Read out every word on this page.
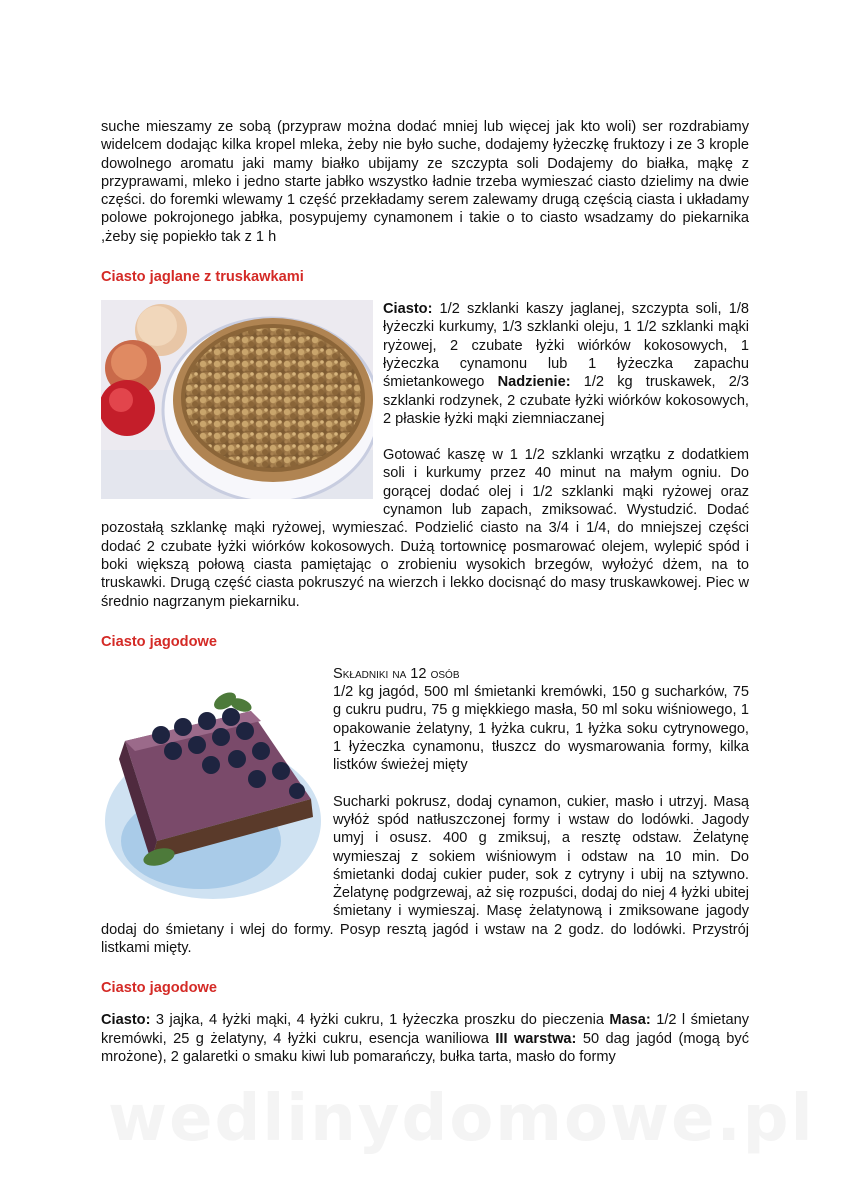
suche mieszamy ze sobą (przypraw można dodać mniej lub więcej jak kto woli) ser rozdrabiamy widelcem dodając kilka kropel mleka, żeby nie było suche, dodajemy łyżeczkę fruktozy i ze 3 krople dowolnego aromatu jaki mamy białko ubijamy ze szczypta soli Dodajemy do białka, mąkę z przyprawami, mleko i jedno starte jabłko wszystko ładnie trzeba wymieszać ciasto dzielimy na dwie części. do foremki wlewamy 1 część przekładamy serem zalewamy drugą częścią ciasta i układamy polowe pokrojonego jabłka, posypujemy cynamonem i takie o to ciasto wsadzamy do piekarnika ,żeby się popiekło tak z 1 h

Ciasto jaglane z truskawkami

Ciasto: 1/2 szklanki kaszy jaglanej, szczypta soli, 1/8 łyżeczki kurkumy, 1/3 szklanki oleju, 1 1/2 szklanki mąki ryżowej, 2 czubate łyżki wiórków kokosowych, 1 łyżeczka cynamonu lub 1 łyżeczka zapachu śmietankowego Nadzienie: 1/2 kg truskawek, 2/3 szklanki rodzynek, 2 czubate łyżki wiórków kokosowych, 2 płaskie łyżki mąki ziemniaczanej

Gotować kaszę w 1 1/2 szklanki wrzątku z dodatkiem soli i kurkumy przez 40 minut na małym ogniu. Do gorącej dodać olej i 1/2 szklanki mąki ryżowej oraz cynamon lub zapach, zmiksować. Wystudzić. Dodać pozostałą szklankę mąki ryżowej, wymieszać. Podzielić ciasto na 3/4 i 1/4, do mniejszej części dodać 2 czubate łyżki wiórków kokosowych. Dużą tortownicę posmarować olejem, wylepić spód i boki większą połową ciasta pamiętając o zrobieniu wysokich brzegów, wyłożyć dżem, na to truskawki. Drugą część ciasta pokruszyć na wierzch i lekko docisnąć do masy truskawkowej. Piec w średnio nagrzanym piekarniku.

Ciasto jagodowe

Składniki na 12 osób

1/2 kg jagód, 500 ml śmietanki kremówki, 150 g sucharków, 75 g cukru pudru, 75 g miękkiego masła, 50 ml soku wiśniowego, 1 opakowanie żelatyny, 1 łyżka cukru, 1 łyżka soku cytrynowego, 1 łyżeczka cynamonu, tłuszcz do wysmarowania formy, kilka listków świeżej mięty

Sucharki pokrusz, dodaj cynamon, cukier, masło i utrzyj. Masą wyłóż spód natłuszczonej formy i wstaw do lodówki. Jagody umyj i osusz. 400 g zmiksuj, a resztę odstaw. Żelatynę wymieszaj z sokiem wiśniowym i odstaw na 10 min. Do śmietanki dodaj cukier puder, sok z cytryny i ubij na sztywno. Żelatynę podgrzewaj, aż się rozpuści, dodaj do niej 4 łyżki ubitej śmietany i wymieszaj. Masę żelatynową i zmiksowane jagody dodaj do śmietany i wlej do formy. Posyp resztą jagód i wstaw na 2 godz. do lodówki. Przystrój listkami mięty.

Ciasto jagodowe

Ciasto: 3 jajka, 4 łyżki mąki, 4 łyżki cukru, 1 łyżeczka proszku do pieczenia Masa: 1/2 l śmietany kremówki, 25 g żelatyny, 4 łyżki cukru, esencja waniliowa III warstwa: 50 dag jagód (mogą być mrożone), 2 galaretki o smaku kiwi lub pomarańczy, bułka tarta, masło do formy

wedlinydomowe.pl
